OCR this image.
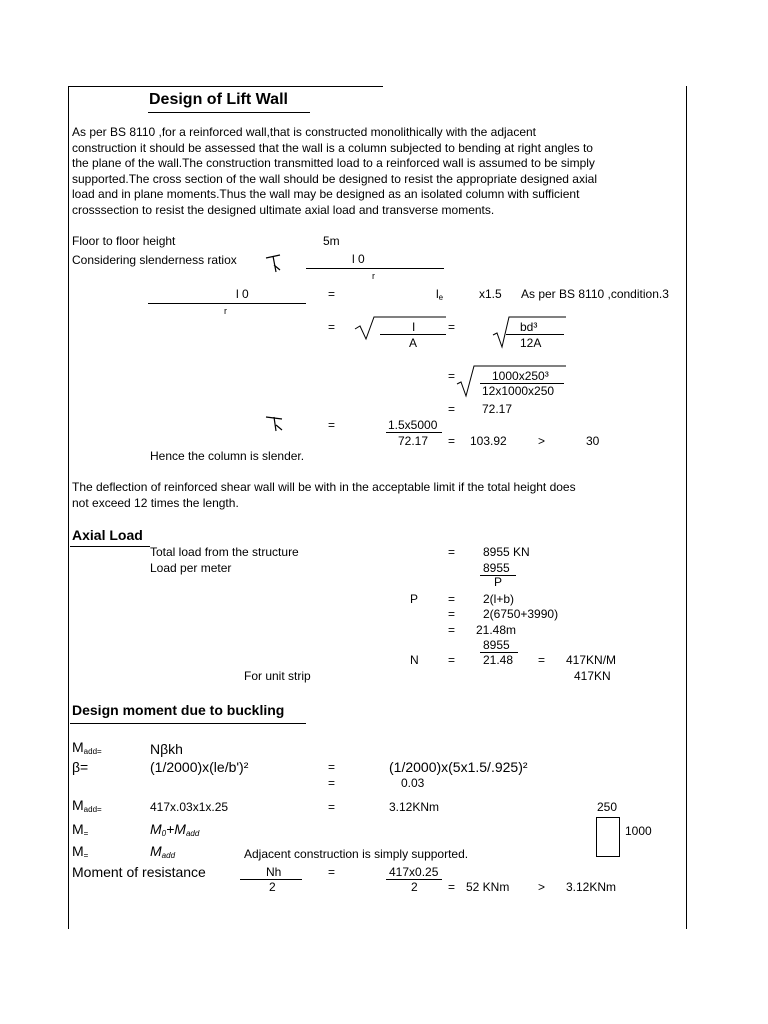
Design of Lift Wall
As per BS 8110 ,for a reinforced wall,that is constructed monolithically with the adjacent
construction it should be assessed that the wall is a column subjected to bending at right angles to
the plane of the wall.The construction transmitted load to a reinforced wall is assumed to be simply
supported.The cross section of the wall should be designed to resist the appropriate designed axial
load and in plane moments.Thus the wall may be designed as an isolated column with sufficient
crosssection to resist the designed ultimate axial load and transverse moments.
Floor to floor height	5m
Considering slenderness ratiox	l 0
r
l 0
r
=	$l_e$	x1.5 As per BS 8110 ,condition.3
=	I
A
=	bd³
12A
=	1000x250³
12x1000x250
= 72.17
=	1.5x5000
72.17 = 103.92	>	30
Hence the column is slender.
The deflection of reinforced shear wall will be with in the acceptable limit if the total height does
not exceed 12 times the length.
Axial Load
Total load from the structure	= 8955 KN
Load per meter	8955
P
P = 2(l+b)
= 2(6750+3990)
= 21.48m
8955
N = 21.48 = 417KN/M
For unit strip	417KN
Design moment due to buckling
$M_{add=}$	Nβkh
β=	(1/2000)x(le/b')²	=	(1/2000)x(5x1.5/.925)²
=	0.03
$M_{add=}$	417x.03x1x.25	=	3.12KNm	250
1000
$M_=$	$M_0+M_{add}$
$M_=$	$M_{add}$	Adjacent construction is simply supported.
Moment of resistance	Nh
2
=	417x0.25
2	= 52 KNm > 3.12KNm
